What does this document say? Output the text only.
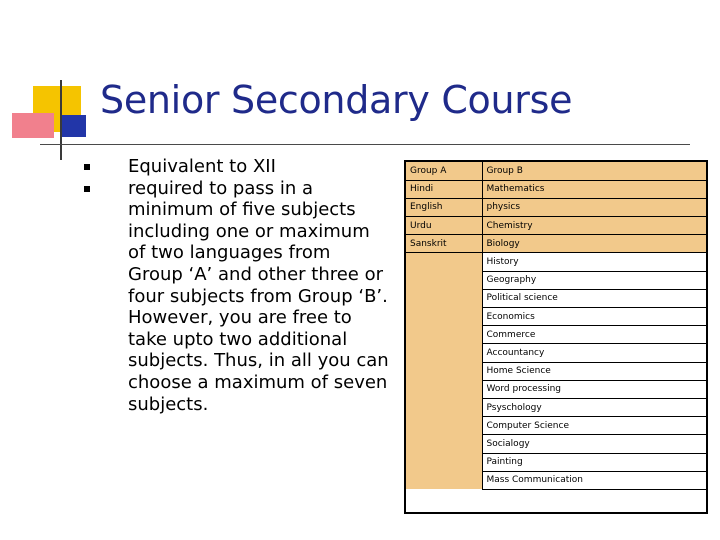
Senior Secondary Course
Equivalent to XII
required to pass in a minimum of five subjects including one or maximum of two languages from Group ‘A’ and other three or four subjects from Group ‘B’. However, you are free to take upto two additional subjects. Thus, in all you can choose a maximum of seven subjects.
Group A	Group B
Hindi	Mathematics
English	physics
Urdu	Chemistry
Sanskrit	Biology
	History
	Geography
	Political science
	Economics
	Commerce
	Accountancy
	Home Science
	Word processing
	Psyschology
	Computer Science
	Socialogy
	Painting
	Mass Communication
